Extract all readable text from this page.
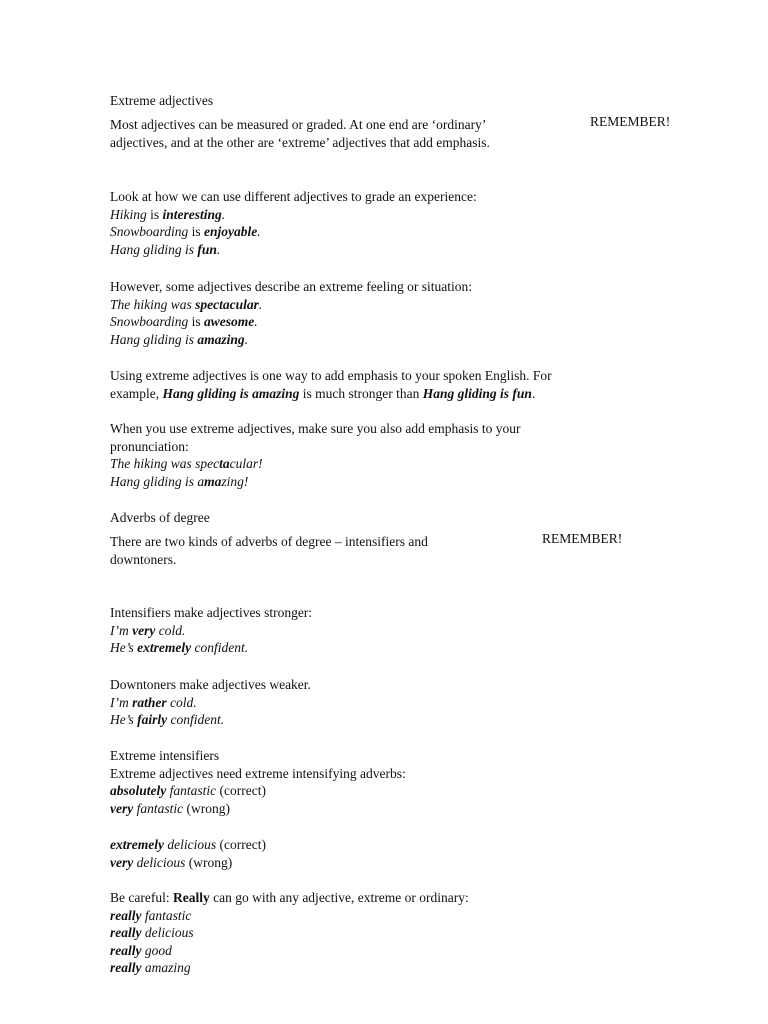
Extreme adjectives
Most adjectives can be measured or graded. At one end are ‘ordinary’
adjectives, and at the other are ‘extreme’ adjectives that add emphasis.
REMEMBER!
Look at how we can use different adjectives to grade an experience:
Hiking is interesting.
Snowboarding is enjoyable.
Hang gliding is fun.
However, some adjectives describe an extreme feeling or situation:
The hiking was spectacular.
Snowboarding is awesome.
Hang gliding is amazing.
Using extreme adjectives is one way to add emphasis to your spoken English. For
example, Hang gliding is amazing is much stronger than Hang gliding is fun.
When you use extreme adjectives, make sure you also add emphasis to your
pronunciation:
The hiking was spectacular!
Hang gliding is amazing!
Adverbs of degree
There are two kinds of adverbs of degree – intensifiers and
downtoners.
REMEMBER!
Intensifiers make adjectives stronger:
I’m very cold.
He’s extremely confident.
Downtoners make adjectives weaker.
I’m rather cold.
He’s fairly confident.
Extreme intensifiers
Extreme adjectives need extreme intensifying adverbs:
absolutely fantastic (correct)
very fantastic (wrong)
extremely delicious (correct)
very delicious (wrong)
Be careful: Really can go with any adjective, extreme or ordinary:
really fantastic
really delicious
really good
really amazing
